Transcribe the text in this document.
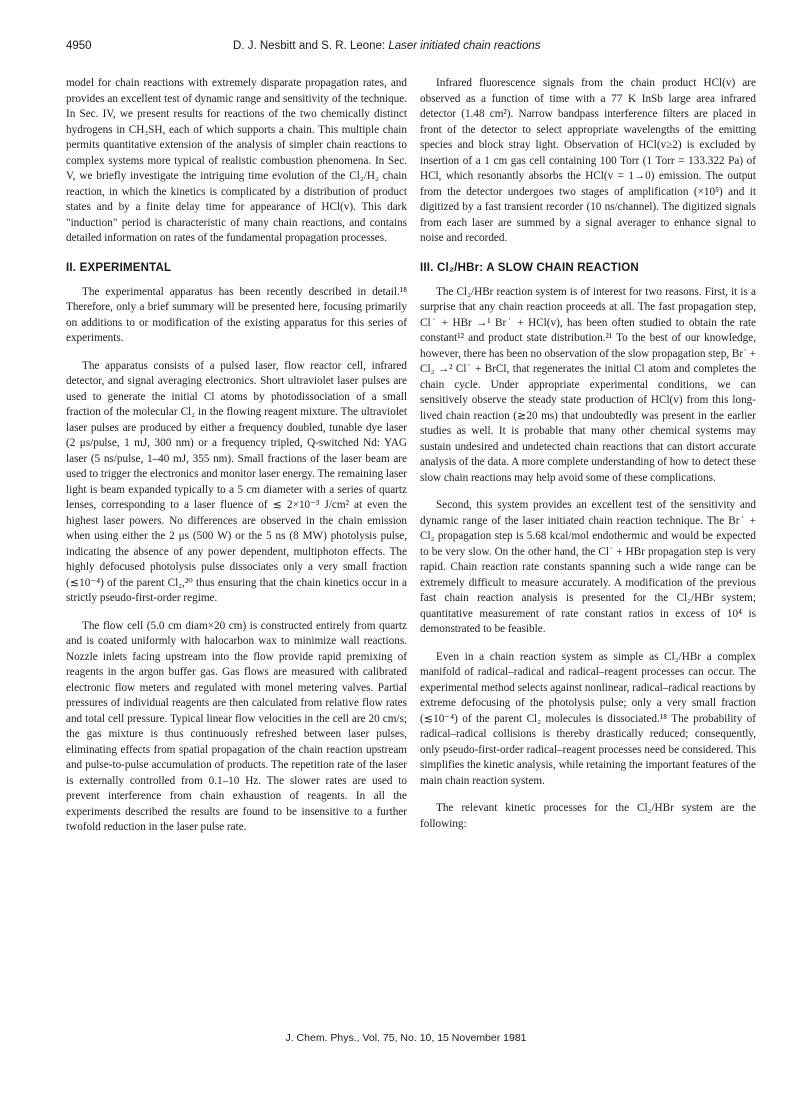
4950	D. J. Nesbitt and S. R. Leone: Laser initiated chain reactions

model for chain reactions with extremely disparate propagation rates, and provides an excellent test of dynamic range and sensitivity of the technique. In Sec. IV, we present results for reactions of the two chemically distinct hydrogens in CH₃SH, each of which supports a chain. This multiple chain permits quantitative extension of the analysis of simpler chain reactions to complex systems more typical of realistic combustion phenomena. In Sec. V, we briefly investigate the intriguing time evolution of the Cl₂/H₂ chain reaction, in which the kinetics is complicated by a distribution of product states and by a finite delay time for appearance of HCl(v). This dark "induction" period is characteristic of many chain reactions, and contains detailed information on rates of the fundamental propagation processes.

II. EXPERIMENTAL

The experimental apparatus has been recently described in detail.¹⁸ Therefore, only a brief summary will be presented here, focusing primarily on additions to or modification of the existing apparatus for this series of experiments.

The apparatus consists of a pulsed laser, flow reactor cell, infrared detector, and signal averaging electronics. Short ultraviolet laser pulses are used to generate the initial Cl atoms by photodissociation of a small fraction of the molecular Cl₂ in the flowing reagent mixture. The ultraviolet laser pulses are produced by either a frequency doubled, tunable dye laser (2 μs/pulse, 1 mJ, 300 nm) or a frequency tripled, Q-switched Nd: YAG laser (5 ns/pulse, 1–40 mJ, 355 nm). Small fractions of the laser beam are used to trigger the electronics and monitor laser energy. The remaining laser light is beam expanded typically to a 5 cm diameter with a series of quartz lenses, corresponding to a laser fluence of ≲ 2×10⁻³ J/cm² at even the highest laser powers. No differences are observed in the chain emission when using either the 2 μs (500 W) or the 5 ns (8 MW) photolysis pulse, indicating the absence of any power dependent, multiphoton effects. The highly defocused photolysis pulse dissociates only a very small fraction (≲10⁻⁴) of the parent Cl₂,²⁰ thus ensuring that the chain kinetics occur in a strictly pseudo-first-order regime.

The flow cell (5.0 cm diam×20 cm) is constructed entirely from quartz and is coated uniformly with halocarbon wax to minimize wall reactions. Nozzle inlets facing upstream into the flow provide rapid premixing of reagents in the argon buffer gas. Gas flows are measured with calibrated electronic flow meters and regulated with monel metering valves. Partial pressures of individual reagents are then calculated from relative flow rates and total cell pressure. Typical linear flow velocities in the cell are 20 cm/s; the gas mixture is thus continuously refreshed between laser pulses, eliminating effects from spatial propagation of the chain reaction upstream and pulse-to-pulse accumulation of products. The repetition rate of the laser is externally controlled from 0.1–10 Hz. The slower rates are used to prevent interference from chain exhaustion of reagents. In all the experiments described the results are found to be insensitive to a further twofold reduction in the laser pulse rate.

Infrared fluorescence signals from the chain product HCl(v) are observed as a function of time with a 77 K InSb large area infrared detector (1.48 cm²). Narrow bandpass interference filters are placed in front of the detector to select appropriate wavelengths of the emitting species and block stray light. Observation of HCl(v≥2) is excluded by insertion of a 1 cm gas cell containing 100 Torr (1 Torr = 133.322 Pa) of HCl, which resonantly absorbs the HCl(v = 1→0) emission. The output from the detector undergoes two stages of amplification (×10⁵) and it digitized by a fast transient recorder (10 ns/channel). The digitized signals from each laser are summed by a signal averager to enhance signal to noise and recorded.

III. Cl₂/HBr: A SLOW CHAIN REACTION

The Cl₂/HBr reaction system is of interest for two reasons. First, it is a surprise that any chain reaction proceeds at all. The fast propagation step, Cl˙ + HBr →¹ Br˙ + HCl(v), has been often studied to obtain the rate constant¹² and product state distribution.²¹ To the best of our knowledge, however, there has been no observation of the slow propagation step, Br˙ + Cl₂ →² Cl˙ + BrCl, that regenerates the initial Cl atom and completes the chain cycle. Under appropriate experimental conditions, we can sensitively observe the steady state production of HCl(v) from this long-lived chain reaction (≳20 ms) that undoubtedly was present in the earlier studies as well. It is probable that many other chemical systems may sustain undesired and undetected chain reactions that can distort accurate analysis of the data. A more complete understanding of how to detect these slow chain reactions may help avoid some of these complications.

Second, this system provides an excellent test of the sensitivity and dynamic range of the laser initiated chain reaction technique. The Br˙ + Cl₂ propagation step is 5.68 kcal/mol endothermic and would be expected to be very slow. On the other hand, the Cl˙ + HBr propagation step is very rapid. Chain reaction rate constants spanning such a wide range can be extremely difficult to measure accurately. A modification of the previous fast chain reaction analysis is presented for the Cl₂/HBr system; quantitative measurement of rate constant ratios in excess of 10⁴ is demonstrated to be feasible.

Even in a chain reaction system as simple as Cl₂/HBr a complex manifold of radical–radical and radical–reagent processes can occur. The experimental method selects against nonlinear, radical–radical reactions by extreme defocusing of the photolysis pulse; only a very small fraction (≲10⁻⁴) of the parent Cl₂ molecules is dissociated.¹⁸ The probability of radical–radical collisions is thereby drastically reduced; consequently, only pseudo-first-order radical–reagent processes need be considered. This simplifies the kinetic analysis, while retaining the important features of the main chain reaction system.

The relevant kinetic processes for the Cl₂/HBr system are the following:

J. Chem. Phys., Vol. 75, No. 10, 15 November 1981
